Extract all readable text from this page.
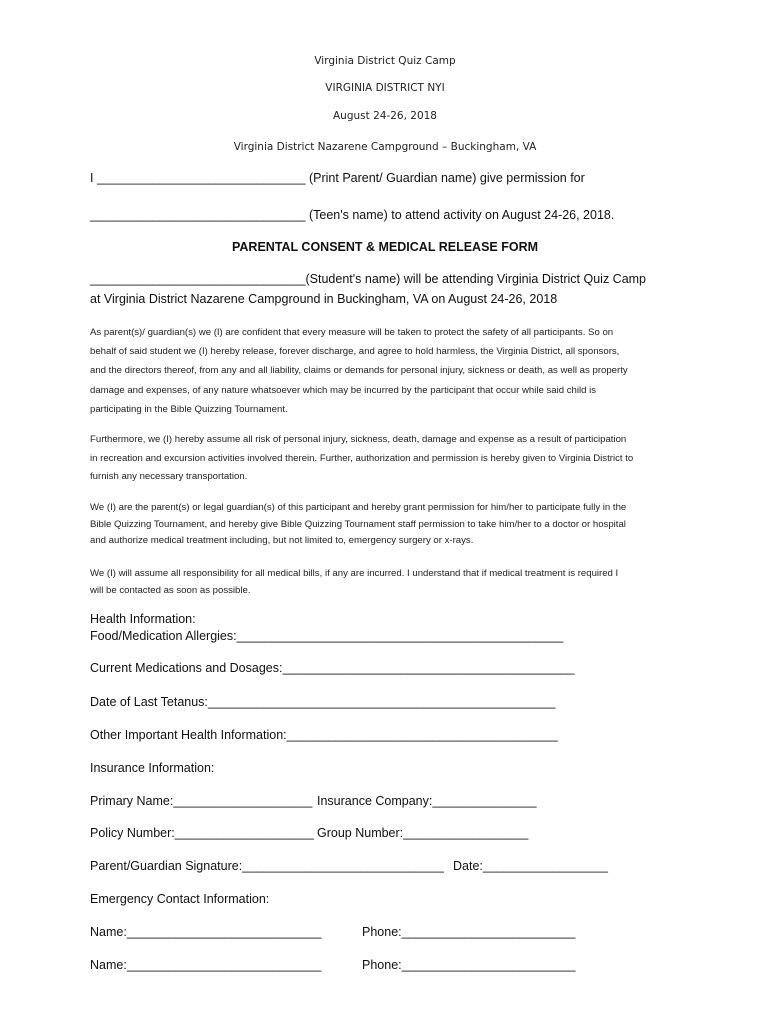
Virginia District Quiz Camp
VIRGINIA DISTRICT NYI
August 24-26, 2018
Virginia District Nazarene Campground – Buckingham, VA
I ______________________________ (Print Parent/ Guardian name) give permission for
_______________________________ (Teen's name) to attend activity on August 24-26, 2018.
PARENTAL CONSENT & MEDICAL RELEASE FORM
_______________________________(Student's name) will be attending Virginia District Quiz Camp
at Virginia District Nazarene Campground in Buckingham, VA on August 24-26, 2018
As parent(s)/ guardian(s) we (I) are confident that every measure will be taken to protect the safety of all participants. So on
behalf of said student we (I) hereby release, forever discharge, and agree to hold harmless, the Virginia District, all sponsors,
and the directors thereof, from any and all liability, claims or demands for personal injury, sickness or death, as well as property
damage and expenses, of any nature whatsoever which may be incurred by the participant that occur while said child is
participating in the Bible Quizzing Tournament.
Furthermore, we (I) hereby assume all risk of personal injury, sickness, death, damage and expense as a result of participation
in recreation and excursion activities involved therein. Further, authorization and permission is hereby given to Virginia District to
furnish any necessary transportation.
We (I) are the parent(s) or legal guardian(s) of this participant and hereby grant permission for him/her to participate fully in the
Bible Quizzing Tournament, and hereby give Bible Quizzing Tournament staff permission to take him/her to a doctor or hospital
and authorize medical treatment including, but not limited to, emergency surgery or x-rays.
We (I) will assume all responsibility for all medical bills, if any are incurred. I understand that if medical treatment is required I
will be contacted as soon as possible.
Health Information:
Food/Medication Allergies:_______________________________________________
Current Medications and Dosages:__________________________________________
Date of Last Tetanus:__________________________________________________
Other Important Health Information:_______________________________________
Insurance Information:
Primary Name:____________________ Insurance Company:_______________
Policy Number:____________________ Group Number:__________________
Parent/Guardian Signature:_____________________________ Date:__________________
Emergency Contact Information:
Name:____________________________	Phone:_________________________
Name:____________________________	Phone:_________________________
